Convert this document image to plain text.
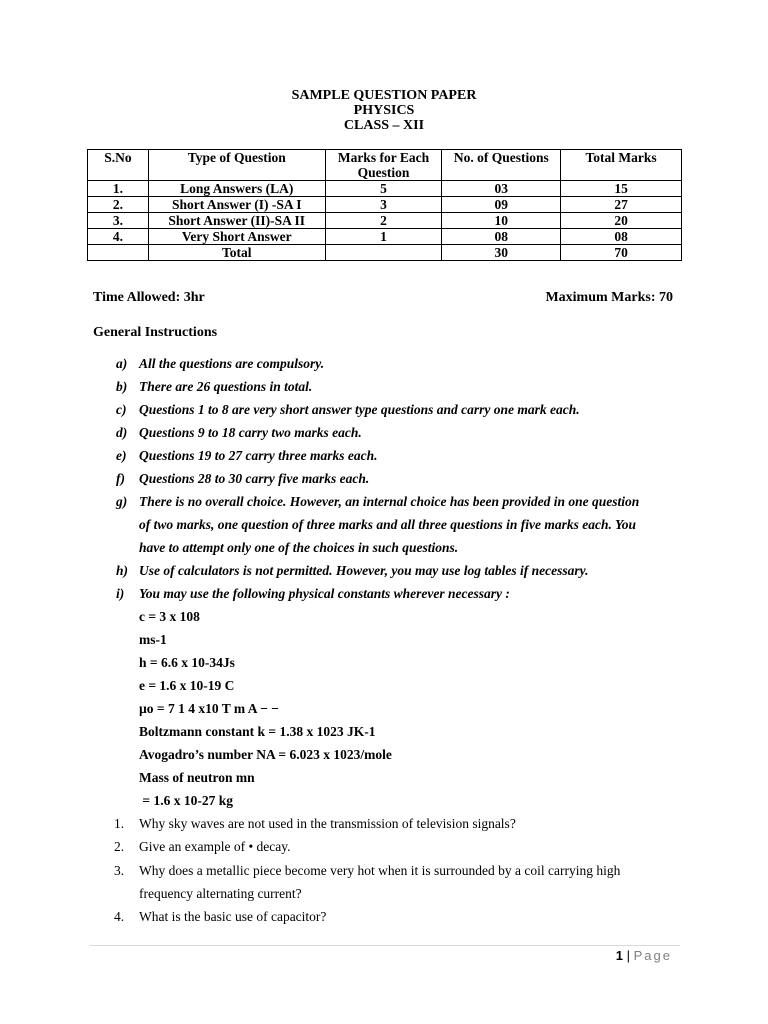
SAMPLE QUESTION PAPER
PHYSICS
CLASS – XII
S.No	Type of Question	Marks for Each Question	No. of Questions	Total Marks
1.	Long Answers (LA)	5	03	15
2.	Short Answer (I) -SA I	3	09	27
3.	Short Answer (II)-SA II	2	10	20
4.	Very Short Answer	1	08	08
	Total		30	70
Time Allowed: 3hr	Maximum Marks: 70
General Instructions
a) All the questions are compulsory.
b) There are 26 questions in total.
c) Questions 1 to 8 are very short answer type questions and carry one mark each.
d) Questions 9 to 18 carry two marks each.
e) Questions 19 to 27 carry three marks each.
f) Questions 28 to 30 carry five marks each.
g) There is no overall choice. However, an internal choice has been provided in one question
of two marks, one question of three marks and all three questions in five marks each. You
have to attempt only one of the choices in such questions.
h) Use of calculators is not permitted. However, you may use log tables if necessary.
i) You may use the following physical constants wherever necessary :
c = 3 x 108
ms-1
h = 6.6 x 10-34Js
e = 1.6 x 10-19 C
µo = 7 1 4 x10 T m A − −
Boltzmann constant k = 1.38 x 1023 JK-1
Avogadro’s number NA = 6.023 x 1023/mole
Mass of neutron mn
= 1.6 x 10-27 kg
1. Why sky waves are not used in the transmission of television signals?
2. Give an example of • decay.
3. Why does a metallic piece become very hot when it is surrounded by a coil carrying high
frequency alternating current?
4. What is the basic use of capacitor?
1 | Page
